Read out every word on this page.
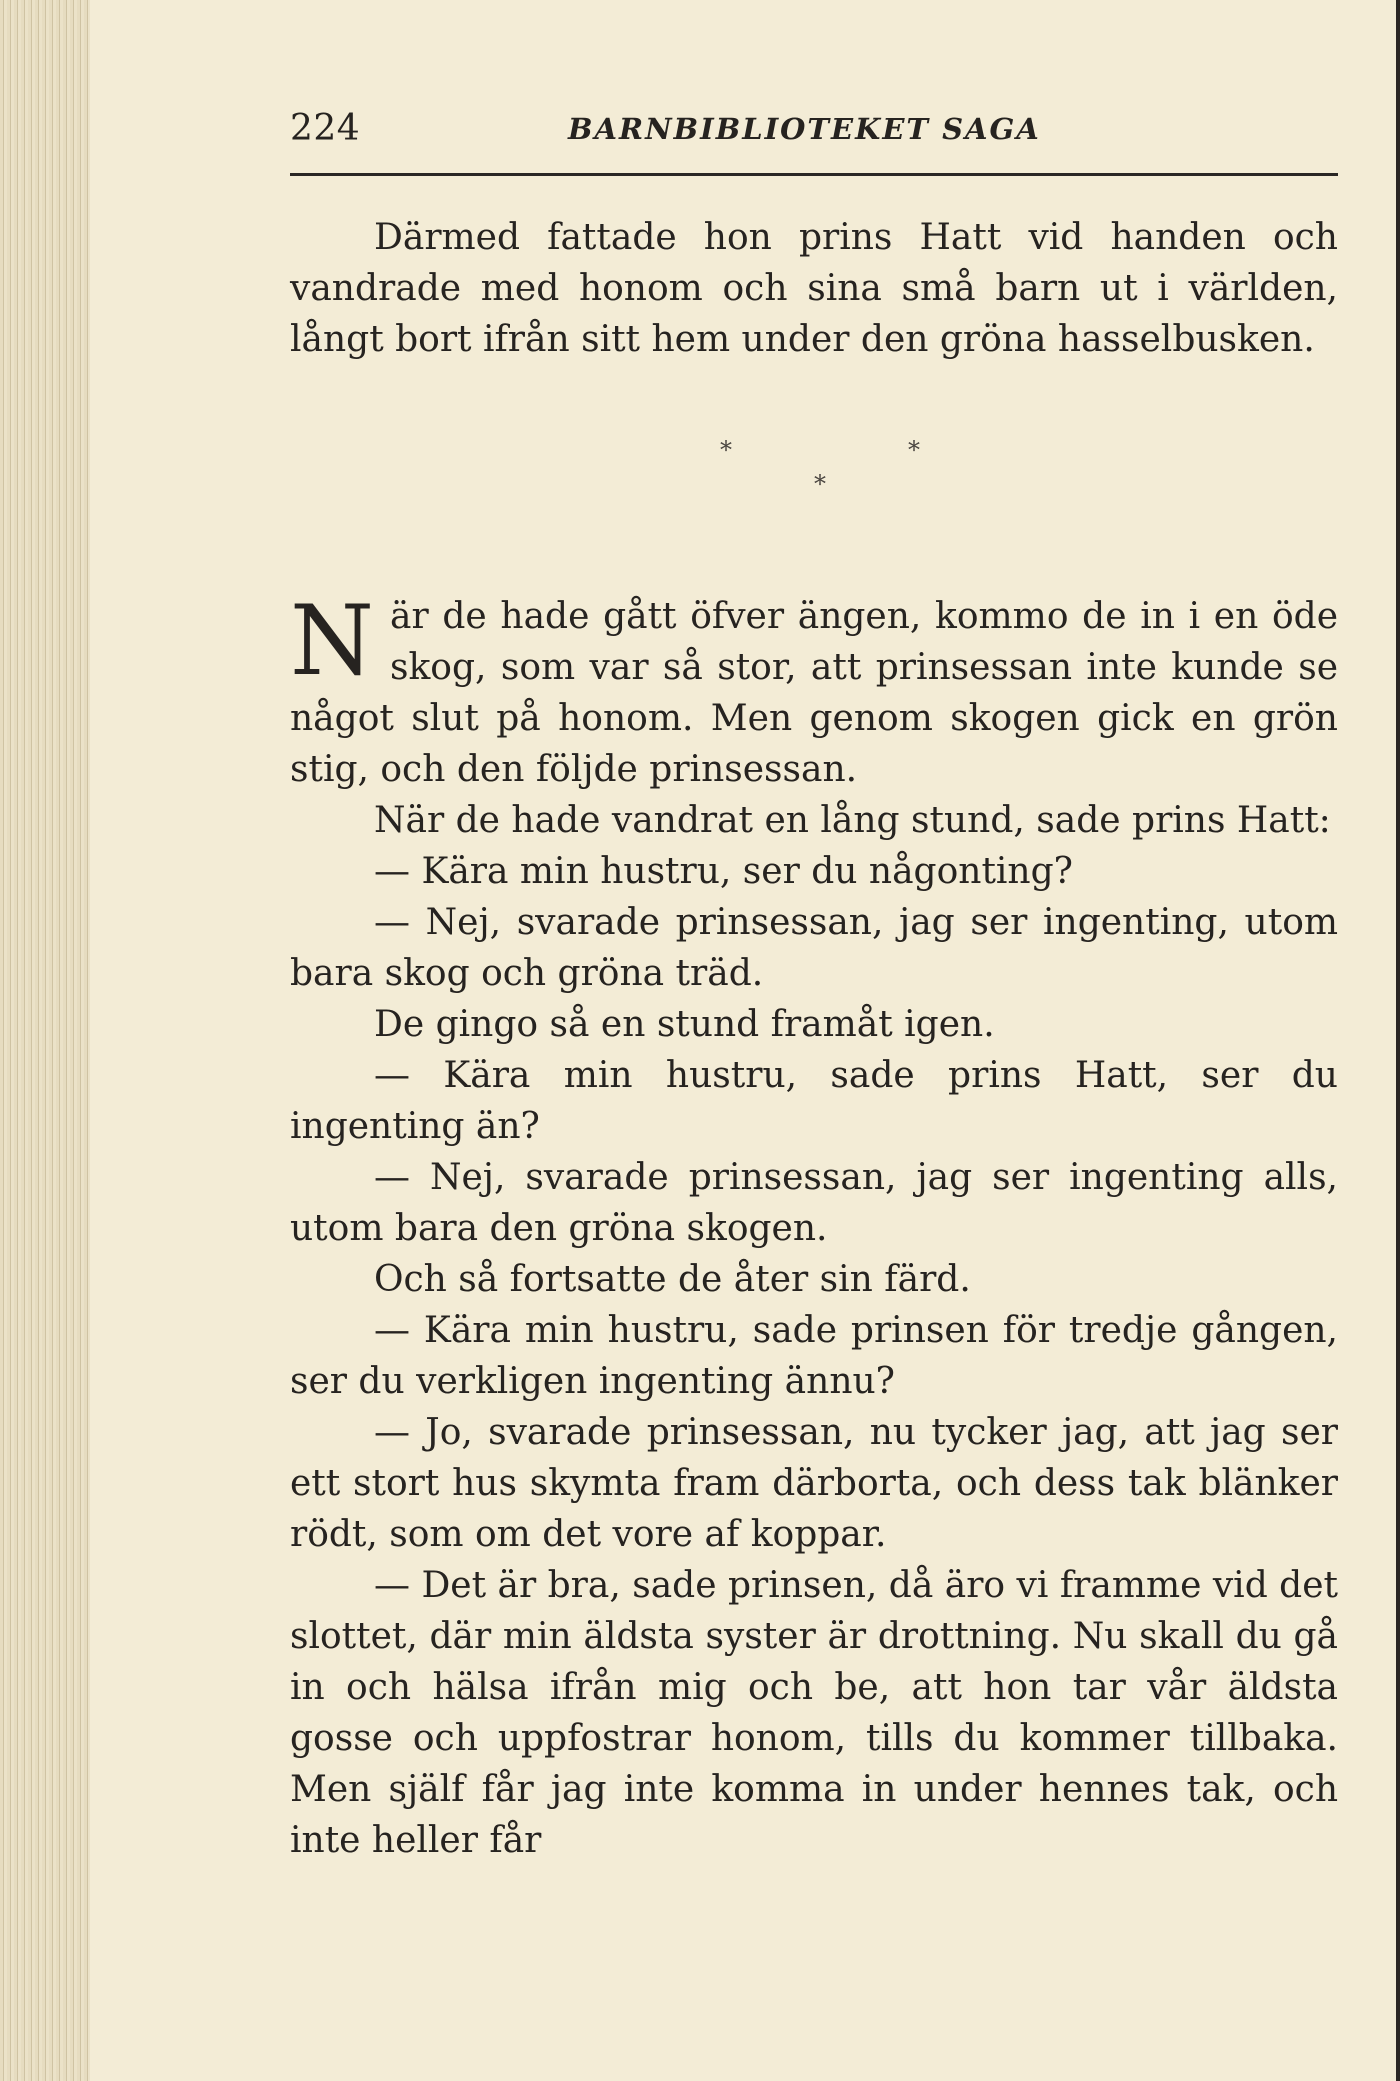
224	BARNBIBLIOTEKET SAGA

Därmed fattade hon prins Hatt vid handen och vandrade med honom och sina små barn ut i världen, långt bort ifrån sitt hem under den gröna hasselbusken.

*	*
*

När de hade gått öfver ängen, kommo de in i en öde skog, som var så stor, att prinsessan inte kunde se något slut på honom. Men genom skogen gick en grön stig, och den följde prinsessan.

När de hade vandrat en lång stund, sade prins Hatt:

— Kära min hustru, ser du någonting?

— Nej, svarade prinsessan, jag ser ingenting, utom bara skog och gröna träd.

De gingo så en stund framåt igen.

— Kära min hustru, sade prins Hatt, ser du ingenting än?

— Nej, svarade prinsessan, jag ser ingenting alls, utom bara den gröna skogen.

Och så fortsatte de åter sin färd.

— Kära min hustru, sade prinsen för tredje gången, ser du verkligen ingenting ännu?

— Jo, svarade prinsessan, nu tycker jag, att jag ser ett stort hus skymta fram därborta, och dess tak blänker rödt, som om det vore af koppar.

— Det är bra, sade prinsen, då äro vi framme vid det slottet, där min äldsta syster är drottning. Nu skall du gå in och hälsa ifrån mig och be, att hon tar vår äldsta gosse och uppfostrar honom, tills du kommer tillbaka. Men själf får jag inte komma in under hennes tak, och inte heller får
